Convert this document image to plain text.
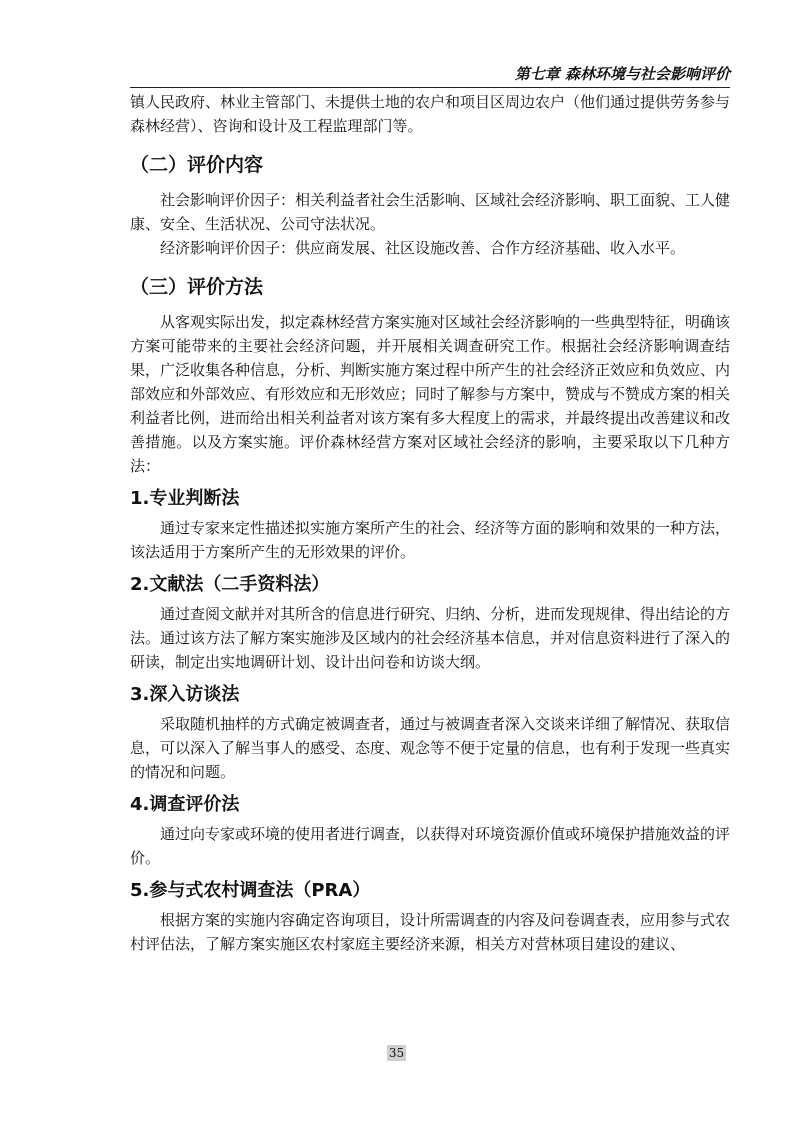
第七章 森林环境与社会影响评价

镇人民政府、林业主管部门、未提供土地的农户和项目区周边农户（他们通过提供劳务参与森林经营）、咨询和设计及工程监理部门等。

（二）评价内容

社会影响评价因子：相关利益者社会生活影响、区域社会经济影响、职工面貌、工人健康、安全、生活状况、公司守法状况。

经济影响评价因子：供应商发展、社区设施改善、合作方经济基础、收入水平。

（三）评价方法

从客观实际出发，拟定森林经营方案实施对区域社会经济影响的一些典型特征，明确该方案可能带来的主要社会经济问题，并开展相关调查研究工作。根据社会经济影响调查结果，广泛收集各种信息，分析、判断实施方案过程中所产生的社会经济正效应和负效应、内部效应和外部效应、有形效应和无形效应；同时了解参与方案中，赞成与不赞成方案的相关利益者比例，进而给出相关利益者对该方案有多大程度上的需求，并最终提出改善建议和改善措施。以及方案实施。评价森林经营方案对区域社会经济的影响，主要采取以下几种方法：

1.专业判断法

通过专家来定性描述拟实施方案所产生的社会、经济等方面的影响和效果的一种方法，该法适用于方案所产生的无形效果的评价。

2.文献法（二手资料法）

通过查阅文献并对其所含的信息进行研究、归纳、分析，进而发现规律、得出结论的方法。通过该方法了解方案实施涉及区域内的社会经济基本信息，并对信息资料进行了深入的研读，制定出实地调研计划、设计出问卷和访谈大纲。

3.深入访谈法

采取随机抽样的方式确定被调查者，通过与被调查者深入交谈来详细了解情况、获取信息，可以深入了解当事人的感受、态度、观念等不便于定量的信息，也有利于发现一些真实的情况和问题。

4.调查评价法

通过向专家或环境的使用者进行调查，以获得对环境资源价值或环境保护措施效益的评价。

5.参与式农村调查法（PRA）

根据方案的实施内容确定咨询项目，设计所需调查的内容及问卷调查表，应用参与式农村评估法，了解方案实施区农村家庭主要经济来源，相关方对营林项目建设的建议、

35
